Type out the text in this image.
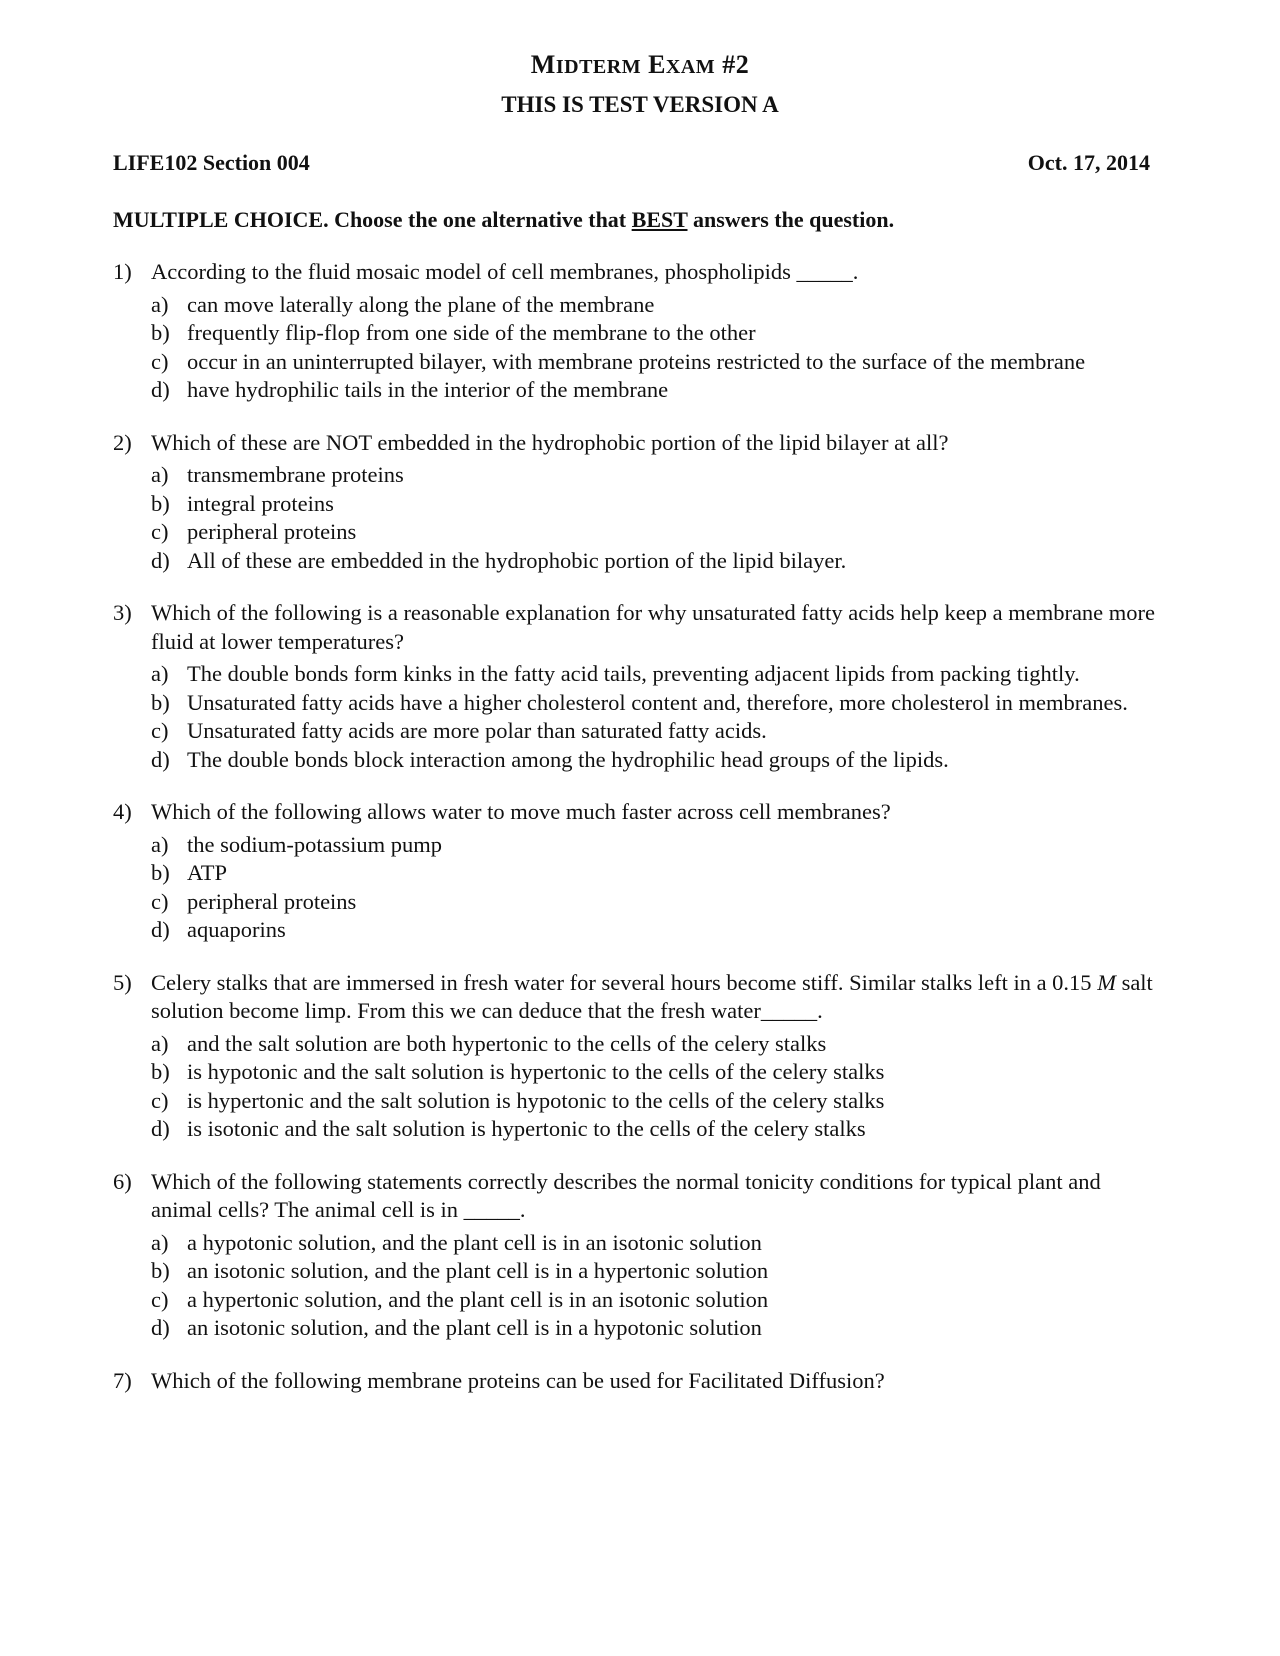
MIDTERM EXAM #2
THIS IS TEST VERSION A
LIFE102 Section 004	Oct. 17, 2014
MULTIPLE CHOICE. Choose the one alternative that BEST answers the question.
1) According to the fluid mosaic model of cell membranes, phospholipids _____.
a) can move laterally along the plane of the membrane
b) frequently flip-flop from one side of the membrane to the other
c) occur in an uninterrupted bilayer, with membrane proteins restricted to the surface of the membrane
d) have hydrophilic tails in the interior of the membrane
2) Which of these are NOT embedded in the hydrophobic portion of the lipid bilayer at all?
a) transmembrane proteins
b) integral proteins
c) peripheral proteins
d) All of these are embedded in the hydrophobic portion of the lipid bilayer.
3) Which of the following is a reasonable explanation for why unsaturated fatty acids help keep a membrane more fluid at lower temperatures?
a) The double bonds form kinks in the fatty acid tails, preventing adjacent lipids from packing tightly.
b) Unsaturated fatty acids have a higher cholesterol content and, therefore, more cholesterol in membranes.
c) Unsaturated fatty acids are more polar than saturated fatty acids.
d) The double bonds block interaction among the hydrophilic head groups of the lipids.
4) Which of the following allows water to move much faster across cell membranes?
a) the sodium-potassium pump
b) ATP
c) peripheral proteins
d) aquaporins
5) Celery stalks that are immersed in fresh water for several hours become stiff. Similar stalks left in a 0.15 M salt solution become limp. From this we can deduce that the fresh water_____.
a) and the salt solution are both hypertonic to the cells of the celery stalks
b) is hypotonic and the salt solution is hypertonic to the cells of the celery stalks
c) is hypertonic and the salt solution is hypotonic to the cells of the celery stalks
d) is isotonic and the salt solution is hypertonic to the cells of the celery stalks
6) Which of the following statements correctly describes the normal tonicity conditions for typical plant and animal cells? The animal cell is in _____.
a) a hypotonic solution, and the plant cell is in an isotonic solution
b) an isotonic solution, and the plant cell is in a hypertonic solution
c) a hypertonic solution, and the plant cell is in an isotonic solution
d) an isotonic solution, and the plant cell is in a hypotonic solution
7) Which of the following membrane proteins can be used for Facilitated Diffusion?
